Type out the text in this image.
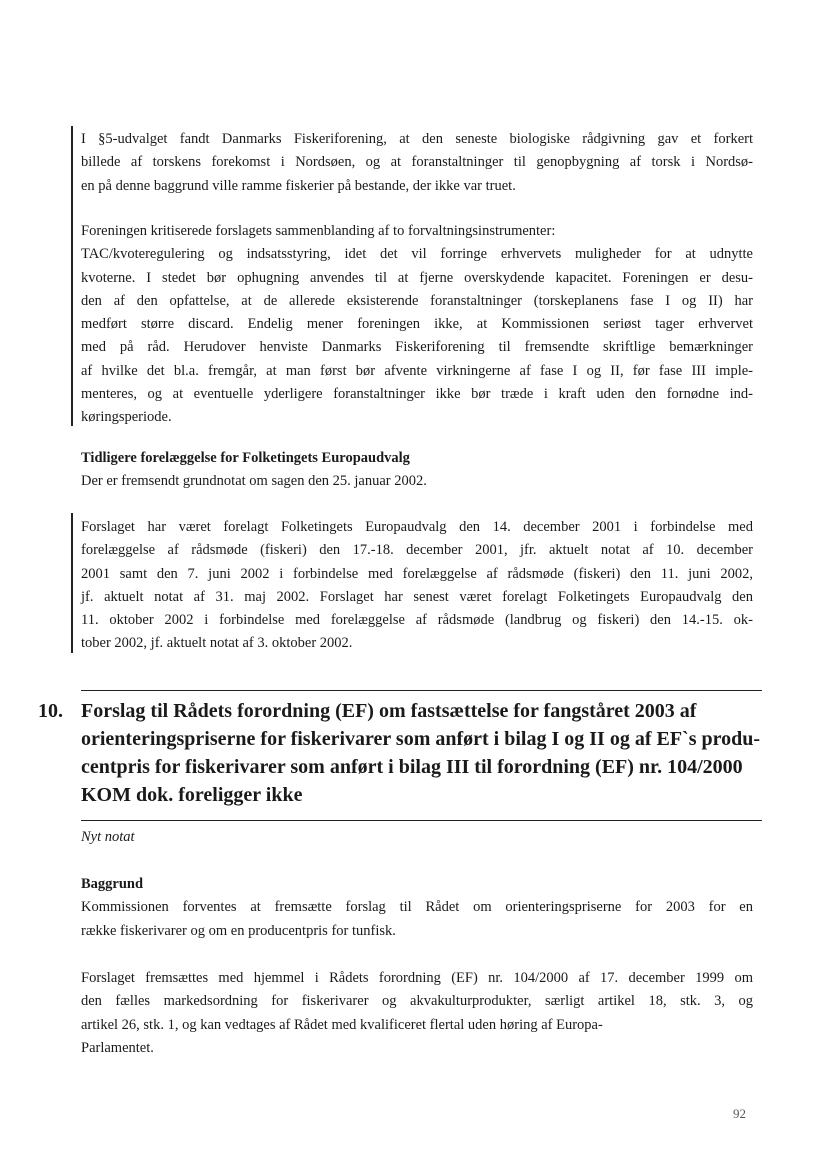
I §5-udvalget fandt Danmarks Fiskeriforening, at den seneste biologiske rådgivning gav et forkert
billede af torskens forekomst i Nordsøen, og at foranstaltninger til genopbygning af torsk i Nordsø-
en på denne baggrund ville ramme fiskerier på bestande, der ikke var truet.
Foreningen kritiserede forslagets sammenblanding af to forvaltningsinstrumenter:
TAC/kvoteregulering og indsatsstyring, idet det vil forringe erhvervets muligheder for at udnytte
kvoterne. I stedet bør ophugning anvendes til at fjerne overskydende kapacitet. Foreningen er desu-
den af den opfattelse, at de allerede eksisterende foranstaltninger (torskeplanens fase I og II) har
medført større discard. Endelig mener foreningen ikke, at Kommissionen seriøst tager erhvervet
med på råd. Herudover henviste Danmarks Fiskeriforening til fremsendte skriftlige bemærkninger
af hvilke det bl.a. fremgår, at man først bør afvente virkningerne af fase I og II, før fase III imple-
menteres, og at eventuelle yderligere foranstaltninger ikke bør træde i kraft uden den fornødne ind-
køringsperiode.
Tidligere forelæggelse for Folketingets Europaudvalg
Der er fremsendt grundnotat om sagen den 25. januar 2002.
Forslaget har været forelagt Folketingets Europaudvalg den 14. december 2001 i forbindelse med
forelæggelse af rådsmøde (fiskeri) den 17.-18. december 2001, jfr. aktuelt notat af 10. december
2001 samt den 7. juni 2002 i forbindelse med forelæggelse af rådsmøde (fiskeri) den 11. juni 2002,
jf. aktuelt notat af 31. maj 2002. Forslaget har senest været forelagt Folketingets Europaudvalg den
11. oktober 2002 i forbindelse med forelæggelse af rådsmøde (landbrug og fiskeri) den 14.-15. ok-
tober 2002, jf. aktuelt notat af 3. oktober 2002.
10. Forslag til Rådets forordning (EF) om fastsættelse for fangståret 2003 af
orienteringspriserne for fiskerivarer som anført i bilag I og II og af EF`s produ-
centpris for fiskerivarer som anført i bilag III til forordning (EF) nr. 104/2000
KOM dok. foreligger ikke
Nyt notat
Baggrund
Kommissionen forventes at fremsætte forslag til Rådet om orienteringspriserne for 2003 for en
række fiskerivarer og om en producentpris for tunfisk.
Forslaget fremsættes med hjemmel i Rådets forordning (EF) nr. 104/2000 af 17. december 1999 om
den fælles markedsordning for fiskerivarer og akvakulturprodukter, særligt artikel 18, stk. 3, og
artikel 26, stk. 1, og kan vedtages af Rådet med kvalificeret flertal uden høring af Europa-
Parlamentet.
92
